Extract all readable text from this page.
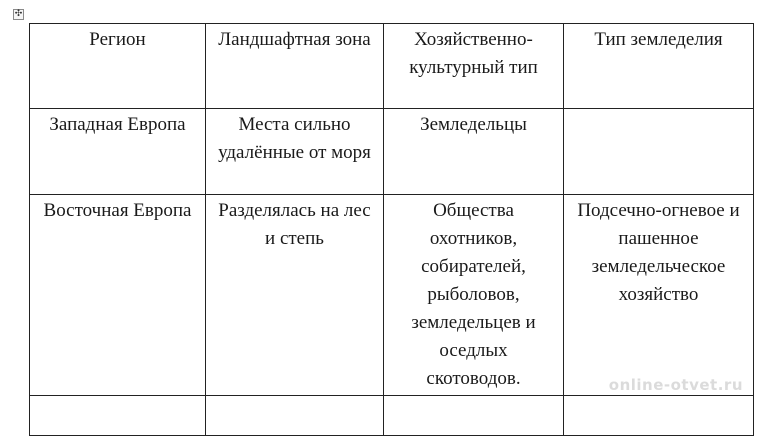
✣
Регион	Ландшафтная зона	Хозяйственно-культурный тип	Тип земледелия
Западная Европа	Места сильно удалённые от моря	Земледельцы	
Восточная Европа	Разделялась на лес и степь	Общества охотников, собирателей, рыболовов, земледельцев и оседлых скотоводов.	Подсечно-огневое и пашенное земледельческое хозяйство

online-otvet.ru
